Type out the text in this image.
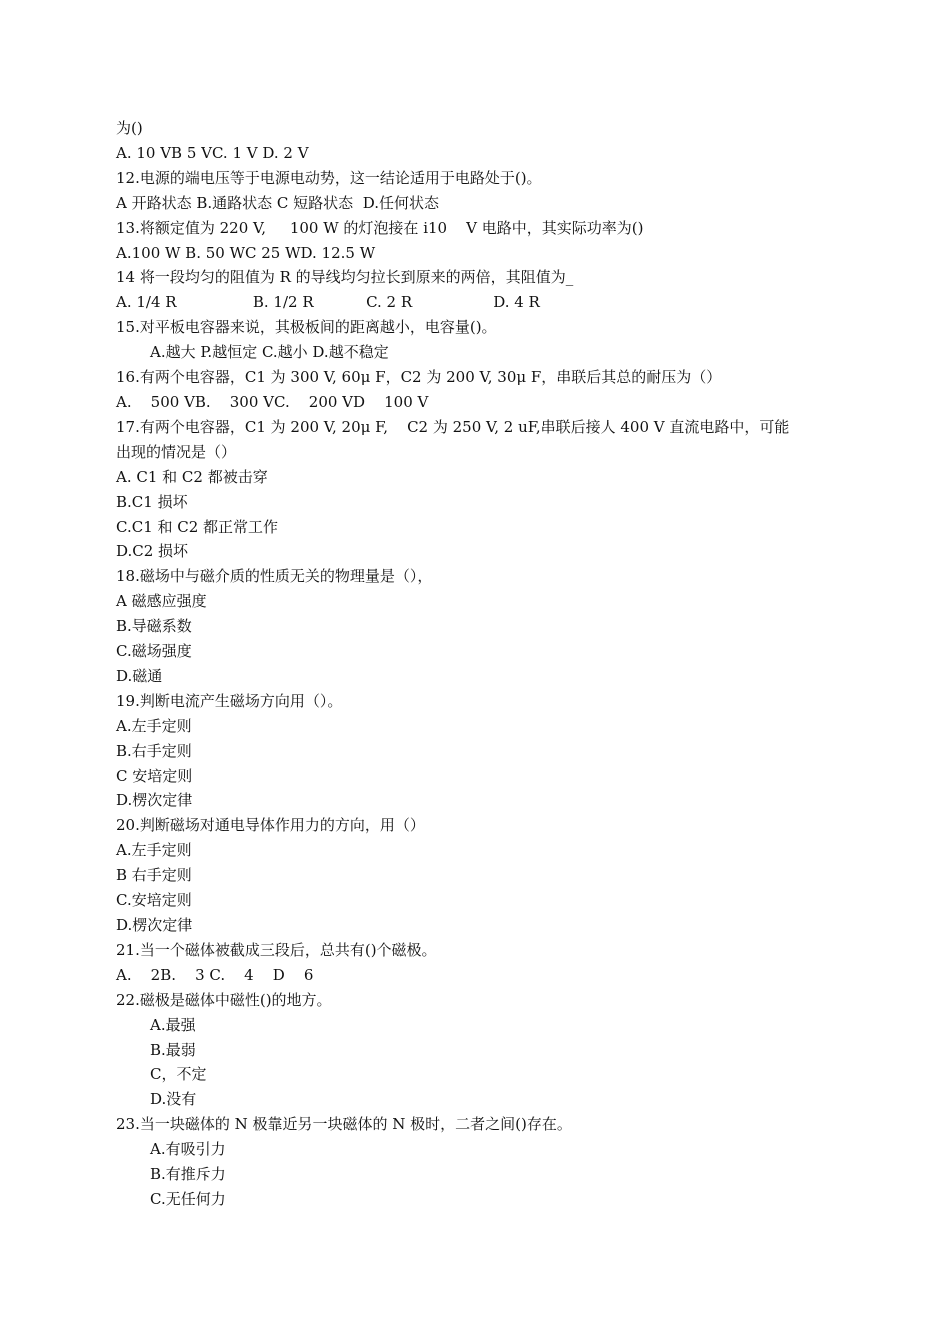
为()
A. 10 VB 5 VC. 1 V D. 2 V
12.电源的端电压等于电源电动势，这一结论适用于电路处于()。
A 开路状态 B.通路状态 C 短路状态  D.任何状态
13.将额定值为 220 V,     100 W 的灯泡接在 i10    V 电路中，其实际功率为()
A.100 W B. 50 WC 25 WD. 12.5 W
14 将一段均匀的阻值为 R 的导线均匀拉长到原来的两倍，其阻值为_
A. 1/4 R                B. 1/2 R           C. 2 R                 D. 4 R
15.对平板电容器来说，其极板间的距离越小，电容量()。
A.越大 P.越恒定 C.越小 D.越不稳定
16.有两个电容器，C1 为 300 V, 60μ F，C2 为 200 V, 30μ F，串联后其总的耐压为（）
A.    500 VB.    300 VC.    200 VD    100 V
17.有两个电容器，C1 为 200 V, 20μ F,    C2 为 250 V, 2 uF,串联后接人 400 V 直流电路中，可能
出现的情况是（）
A. C1 和 C2 都被击穿
B.C1 损坏
C.C1 和 C2 都正常工作
D.C2 损坏
18.磁场中与磁介质的性质无关的物理量是（），
A 磁感应强度
B.导磁系数
C.磁场强度
D.磁通
19.判断电流产生磁场方向用（）。
A.左手定则
B.右手定则
C 安培定则
D.楞次定律
20.判断磁场对通电导体作用力的方向，用（）
A.左手定则
B 右手定则
C.安培定则
D.楞次定律
21.当一个磁体被截成三段后，总共有()个磁极。
A.    2B.    3 C.    4    D    6
22.磁极是磁体中磁性()的地方。
A.最强
B.最弱
C，不定
D.没有
23.当一块磁体的 N 极靠近另一块磁体的 N 极时，二者之间()存在。
A.有吸引力
B.有推斥力
C.无任何力
